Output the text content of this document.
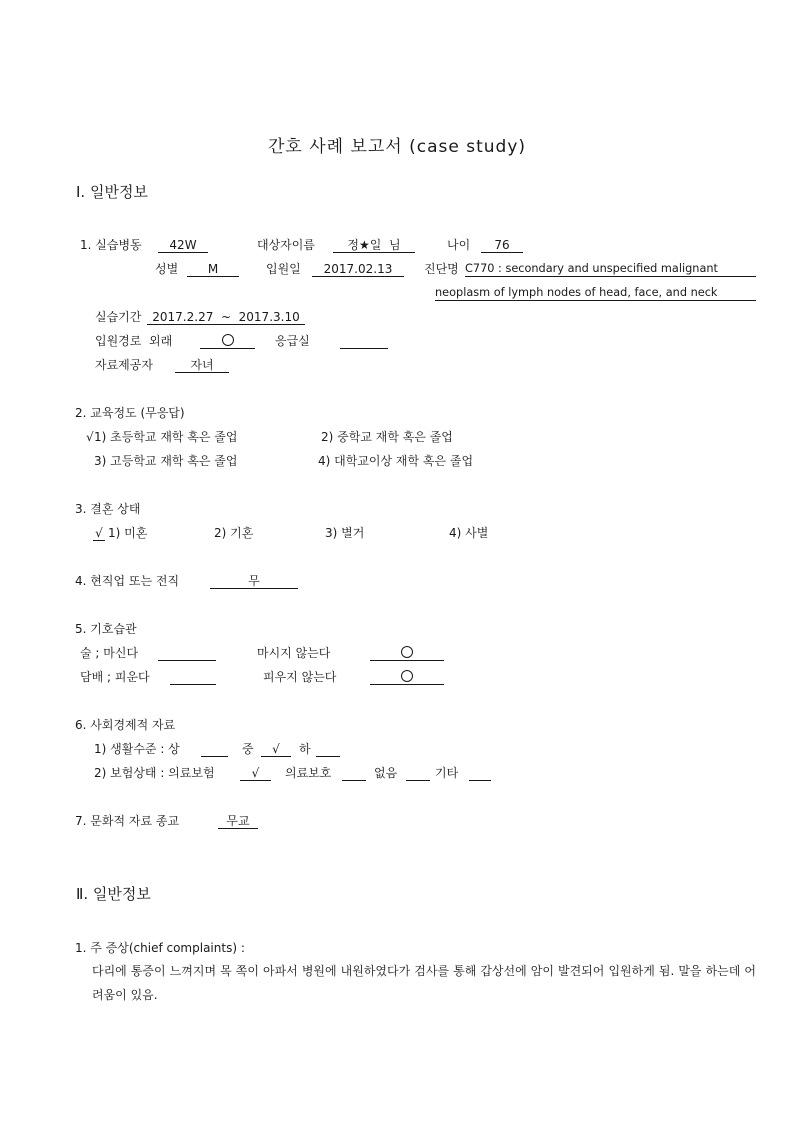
간호 사례 보고서 (case study)
Ⅰ. 일반정보
1. 실습병동	42W	대상자이름	정★일  님	나이	76
성별	M	입원일	2017.02.13	진단명 C770 : secondary and unspecified malignant
neoplasm of lymph nodes of head, face, and neck
실습기간 2017.2.27  ~  2017.3.10
입원경로  외래	응급실
자료제공자	자녀
2. 교육정도 (무응답)
√ 1) 초등학교 재학 혹은 졸업	2) 중학교 재학 혹은 졸업
3) 고등학교 재학 혹은 졸업	4) 대학교이상 재학 혹은 졸업
3. 결혼 상태
√ 1) 미혼	2) 기혼	3) 별거	4) 사별
4. 현직업 또는 전직	무
5. 기호습관
술 ; 마신다	마시지 않는다
담배 ; 피운다	피우지 않는다
6. 사회경제적 자료
1) 생활수준 : 상	중	√	하
2) 보험상태 : 의료보험	√	의료보호	없음	기타
7. 문화적 자료 종교	무교
Ⅱ. 일반정보
1. 주 증상(chief complaints) :
다리에 통증이 느껴지며 목 쪽이 아파서 병원에 내원하였다가 검사를 통해 갑상선에 암이 발견되어 입원하게 됨. 말을 하는데 어려움이 있음.
